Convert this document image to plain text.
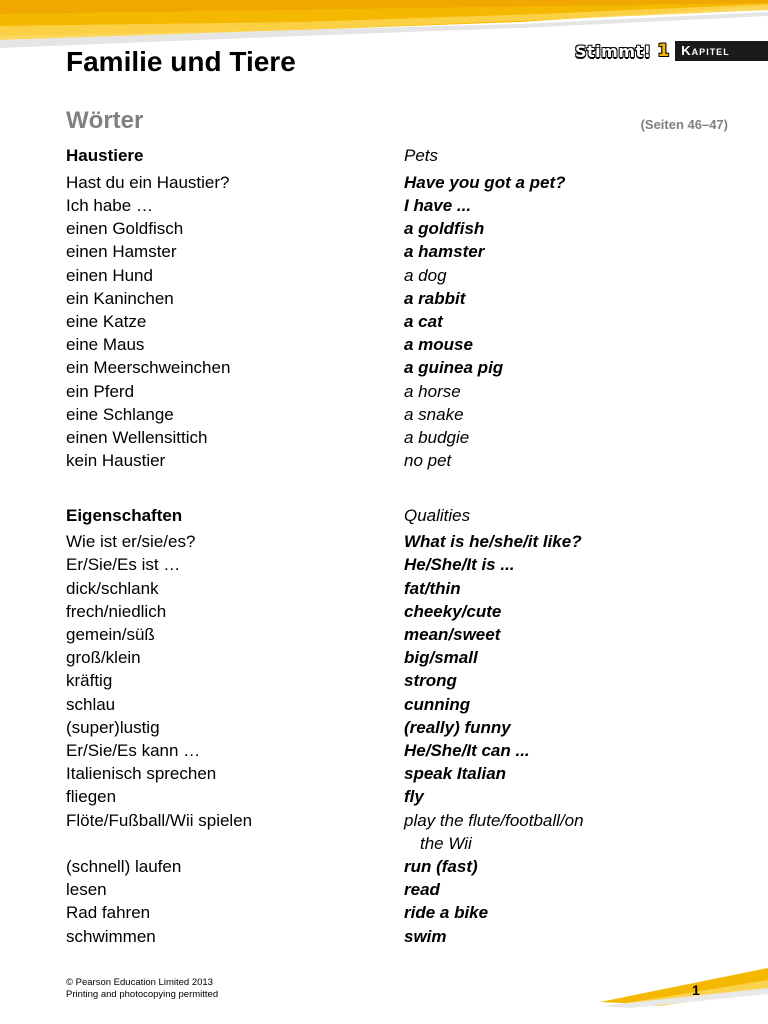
Stimmt! 1 Kapitel 2
Familie und Tiere
Wörter	(Seiten 46–47)
Haustiere	Pets
Hast du ein Haustier?	Have you got a pet?
Ich habe …	I have ...
einen Goldfisch	a goldfish
einen Hamster	a hamster
einen Hund	a dog
ein Kaninchen	a rabbit
eine Katze	a cat
eine Maus	a mouse
ein Meerschweinchen	a guinea pig
ein Pferd	a horse
eine Schlange	a snake
einen Wellensittich	a budgie
kein Haustier	no pet
Eigenschaften	Qualities
Wie ist er/sie/es?	What is he/she/it like?
Er/Sie/Es ist …	He/She/It is ...
dick/schlank	fat/thin
frech/niedlich	cheeky/cute
gemein/süß	mean/sweet
groß/klein	big/small
kräftig	strong
schlau	cunning
(super)lustig	(really) funny
Er/Sie/Es kann …	He/She/It can ...
Italienisch sprechen	speak Italian
fliegen	fly
Flöte/Fußball/Wii spielen	play the flute/football/on
the Wii
(schnell) laufen	run (fast)
lesen	read
Rad fahren	ride a bike
schwimmen	swim
© Pearson Education Limited 2013
Printing and photocopying permitted	1
